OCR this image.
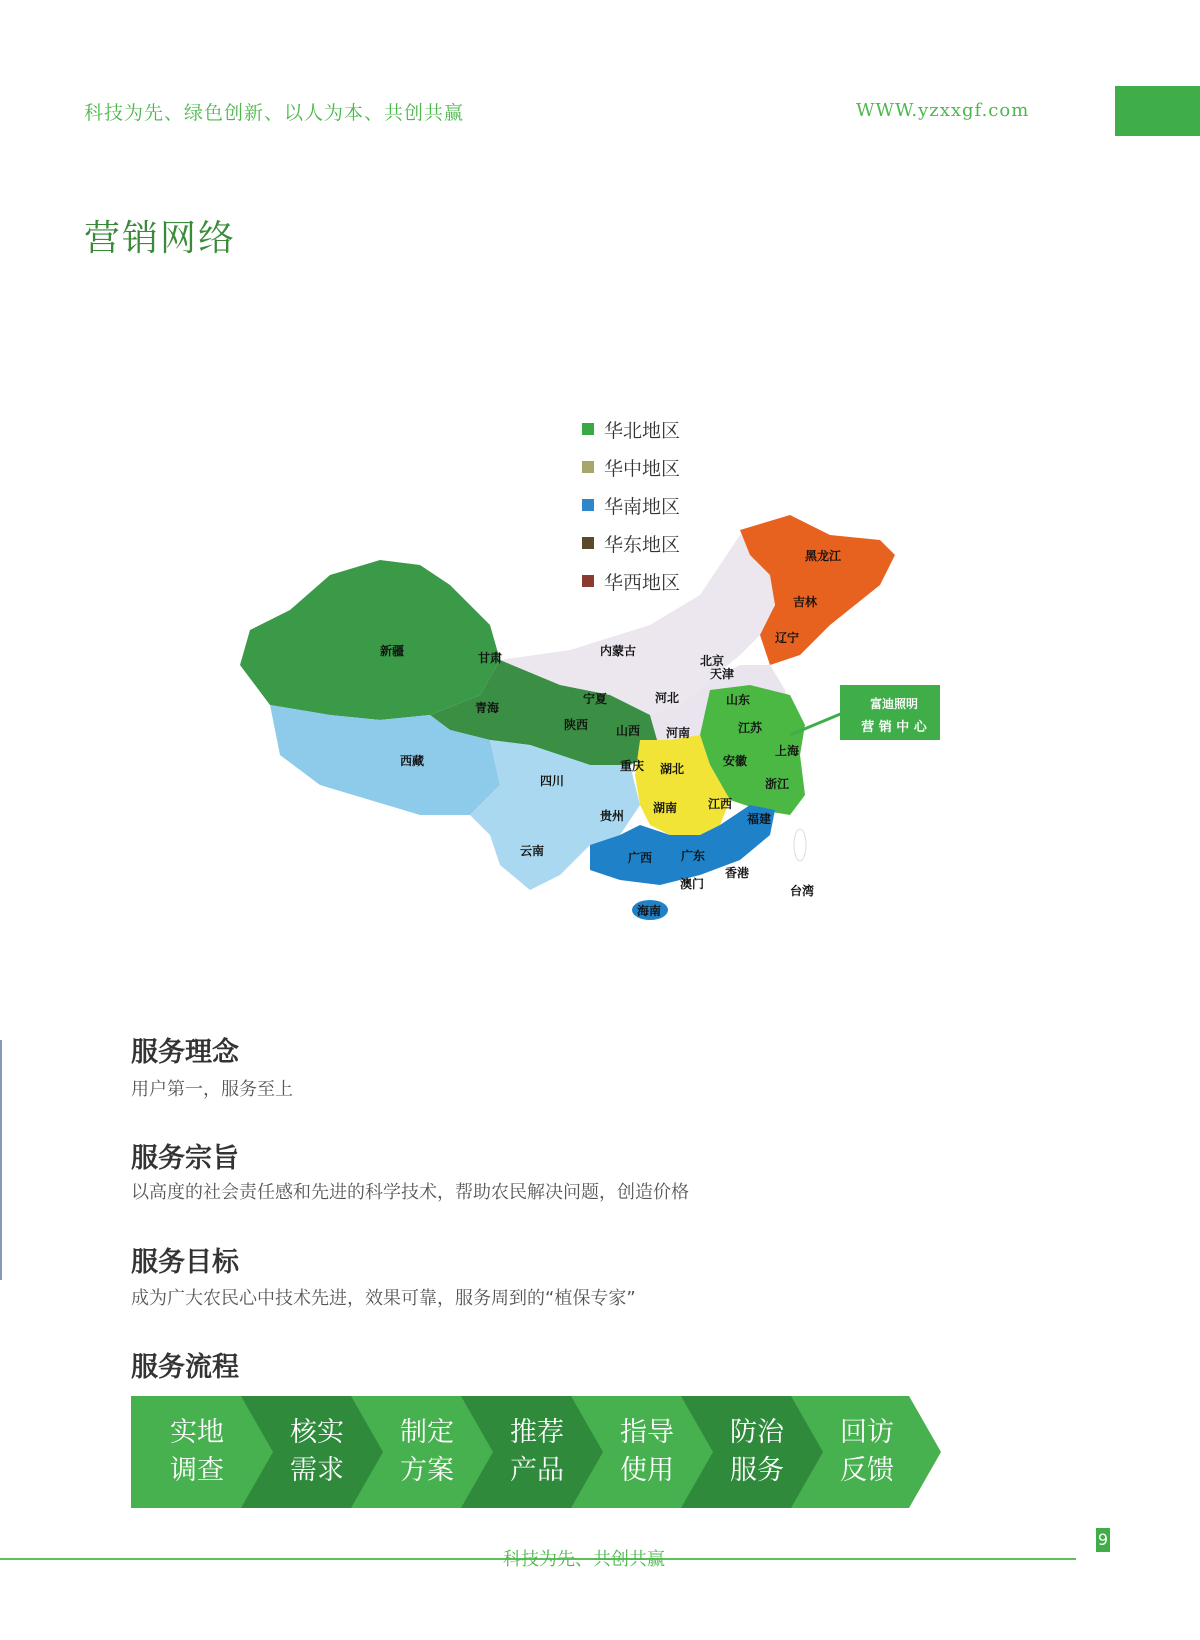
科技为先、绿色创新、以人为本、共创共赢	WWW.yzxxgf.com
营销网络
华北地区
华中地区
华南地区
华东地区
华西地区
新疆	甘肃
青海
西藏
内蒙古
宁夏
陕西 山西
河北
北京
天津
黑龙江
吉林
辽宁
山东
江苏
上海
安徽
浙江
河南
湖北
湖南	江西
福建
台湾
四川
重庆
贵州
云南	广西 广东
香港
澳门
海南
富迪照明
营 销 中 心
服务理念
用户第一，服务至上
服务宗旨
以高度的社会责任感和先进的科学技术，帮助农民解决问题，创造价格
服务目标
成为广大农民心中技术先进，效果可靠，服务周到的“植保专家”
服务流程
实地
调查
核实
需求
制定
方案
推荐
产品
指导
使用
防治
服务
回访
反馈
科技为先、共创共赢
9
